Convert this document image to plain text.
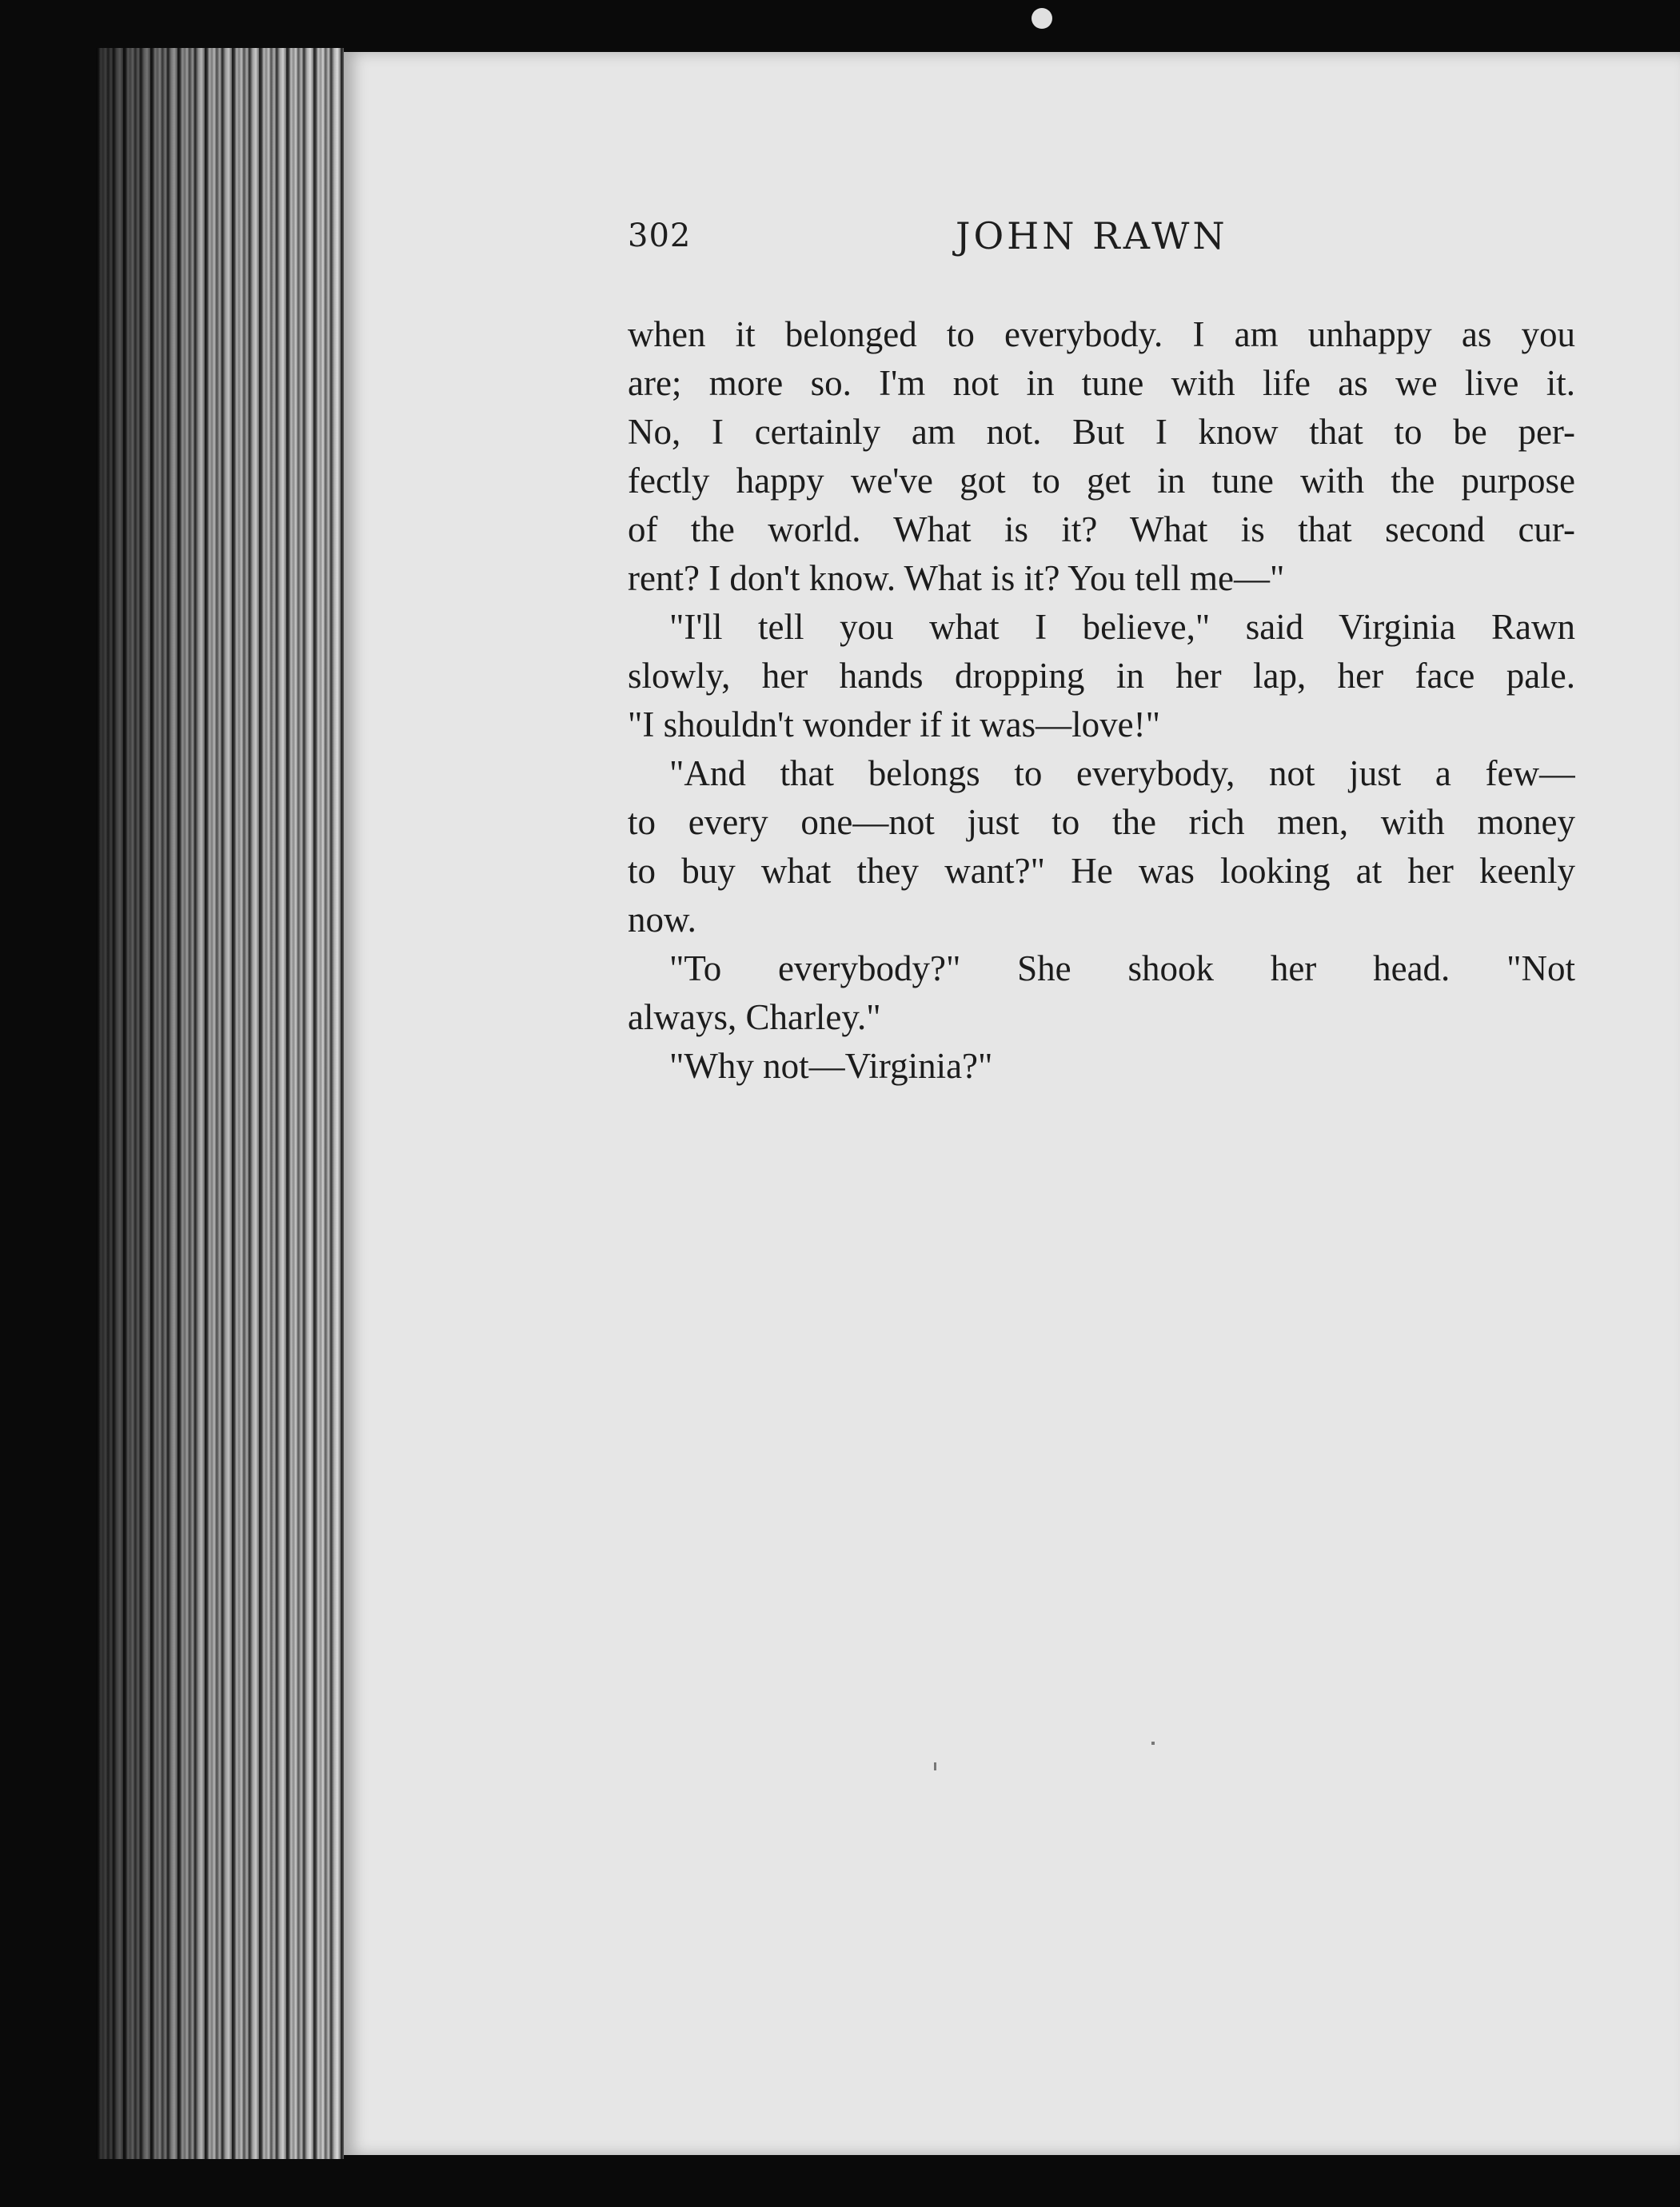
302	JOHN RAWN
when it belonged to everybody. I am unhappy as you
are; more so. I'm not in tune with life as we live it.
No, I certainly am not. But I know that to be per-
fectly happy we've got to get in tune with the purpose
of the world. What is it? What is that second cur-
rent? I don't know. What is it? You tell me—"
"I'll tell you what I believe," said Virginia Rawn
slowly, her hands dropping in her lap, her face pale.
"I shouldn't wonder if it was—love!"
"And that belongs to everybody, not just a few—
to every one—not just to the rich men, with money
to buy what they want?" He was looking at her keenly
now.
"To everybody?" She shook her head. "Not
always, Charley."
"Why not—Virginia?"
